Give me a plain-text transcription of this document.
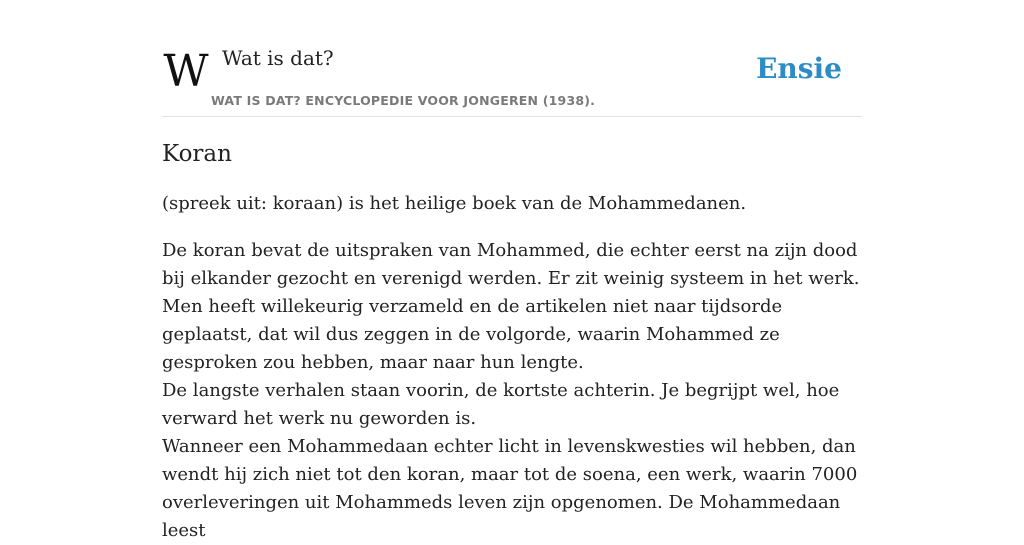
W Wat is dat?
WAT IS DAT? ENCYCLOPEDIE VOOR JONGEREN (1938).
Ensie
Koran

(spreek uit: koraan) is het heilige boek van de Mohammedanen.

De koran bevat de uitspraken van Mohammed, die echter eerst na zijn dood bij elkander gezocht en verenigd werden. Er zit weinig systeem in het werk. Men heeft willekeurig verzameld en de artikelen niet naar tijdsorde geplaatst, dat wil dus zeggen in de volgorde, waarin Mohammed ze gesproken zou hebben, maar naar hun lengte.
De langste verhalen staan voorin, de kortste achterin. Je begrijpt wel, hoe verward het werk nu geworden is.
Wanneer een Mohammedaan echter licht in levenskwesties wil hebben, dan wendt hij zich niet tot den koran, maar tot de soena, een werk, waarin 7000 overleveringen uit Mohammeds leven zijn opgenomen. De Mohammedaan leest
